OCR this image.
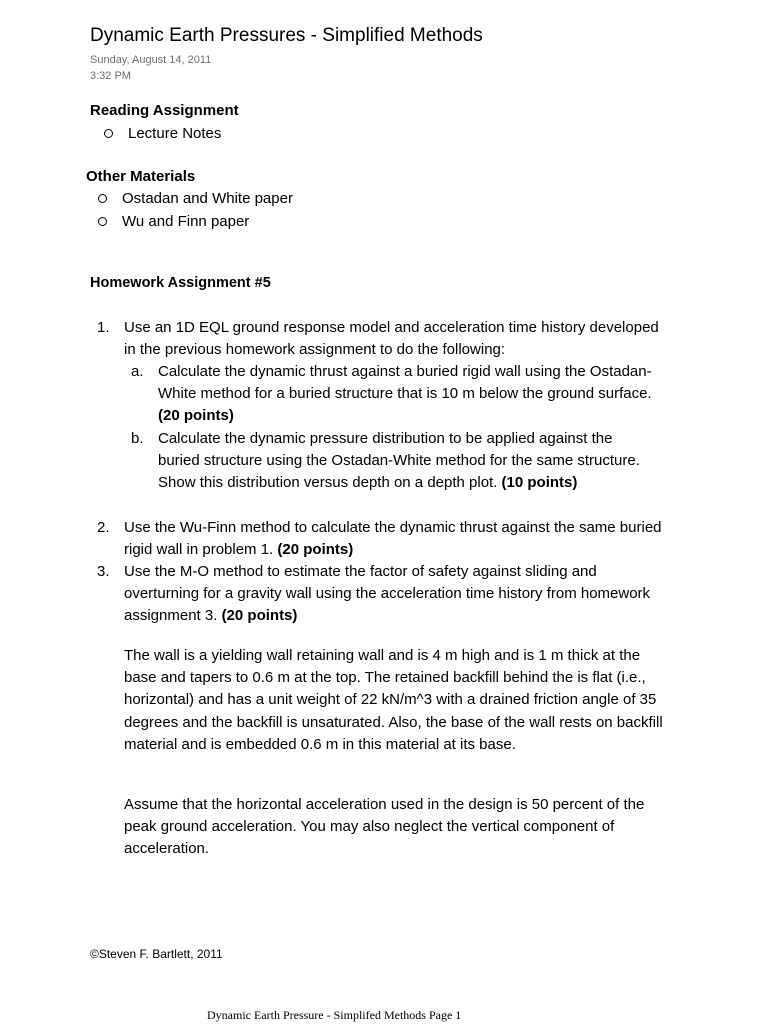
Dynamic Earth Pressures - Simplified Methods
Sunday, August 14, 2011
3:32 PM
Reading Assignment
Lecture Notes
Other Materials
Ostadan and White paper
Wu and Finn paper
Homework Assignment #5
1. Use an 1D EQL ground response model and acceleration time history developed in the previous homework assignment to do the following:
a. Calculate the dynamic thrust against a buried rigid wall using the Ostadan-White method for a buried structure that is 10 m below the ground surface. (20 points)
b. Calculate the dynamic pressure distribution to be applied against the buried structure using the Ostadan-White method for the same structure. Show this distribution versus depth on a depth plot. (10 points)
2. Use the Wu-Finn method to calculate the dynamic thrust against the same buried rigid wall in problem 1. (20 points)
3. Use the M-O method to estimate the factor of safety against sliding and overturning for a gravity wall using the acceleration time history from homework assignment 3. (20 points)
The wall is a yielding wall retaining wall and is 4 m high and is 1 m thick at the base and tapers to 0.6 m at the top. The retained backfill behind the is flat (i.e., horizontal) and has a unit weight of 22 kN/m^3 with a drained friction angle of 35 degrees and the backfill is unsaturated. Also, the base of the wall rests on backfill material and is embedded 0.6 m in this material at its base.
Assume that the horizontal acceleration used in the design is 50 percent of the peak ground acceleration. You may also neglect the vertical component of acceleration.
©Steven F. Bartlett, 2011
Dynamic Earth Pressure - Simplifed Methods Page 1
